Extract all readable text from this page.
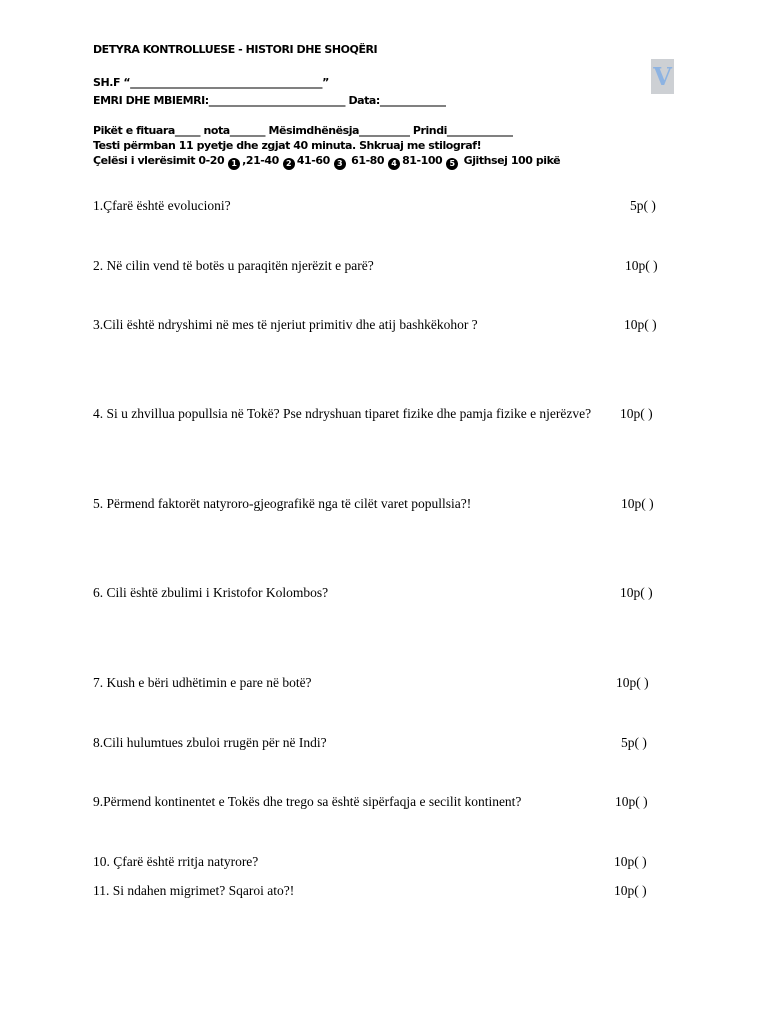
DETYRA KONTROLLUESE - HISTORI DHE SHOQËRI
SH.F “______________________________________”
EMRI DHE MBIEMRI:___________________________ Data:_____________
Pikët e fituara_____ nota_______ Mësimdhënësja__________ Prindi_____________
Testi përmban 11 pyetje dhe zgjat 40 minuta. Shkruaj me stilograf!
Çelësi i vlerësimit 0-20 1 ,21-40 2 41-60 3 61-80 4 81-100 5 Gjithsej 100 pikë
V
1.Çfarë është evolucioni?	5p( )
2. Në cilin vend të botës u paraqitën njerëzit e parë?	10p( )
3.Cili është ndryshimi në mes të njeriut primitiv dhe atij bashkëkohor ?	10p( )
4. Si u zhvillua popullsia në Tokë? Pse ndryshuan tiparet fizike dhe pamja fizike e njerëzve? 10p( )
5. Përmend faktorët natyroro-gjeografikë nga të cilët varet popullsia?!	10p( )
6. Cili është zbulimi i Kristofor Kolombos?	10p( )
7. Kush e bëri udhëtimin e pare në botë?	10p( )
8.Cili hulumtues zbuloi rrugën për në Indi?	5p( )
9.Përmend kontinentet e Tokës dhe trego sa është sipërfaqja e secilit kontinent?	10p( )
10. Çfarë është rritja natyrore?	10p( )
11. Si ndahen migrimet? Sqaroi ato?!	10p( )
